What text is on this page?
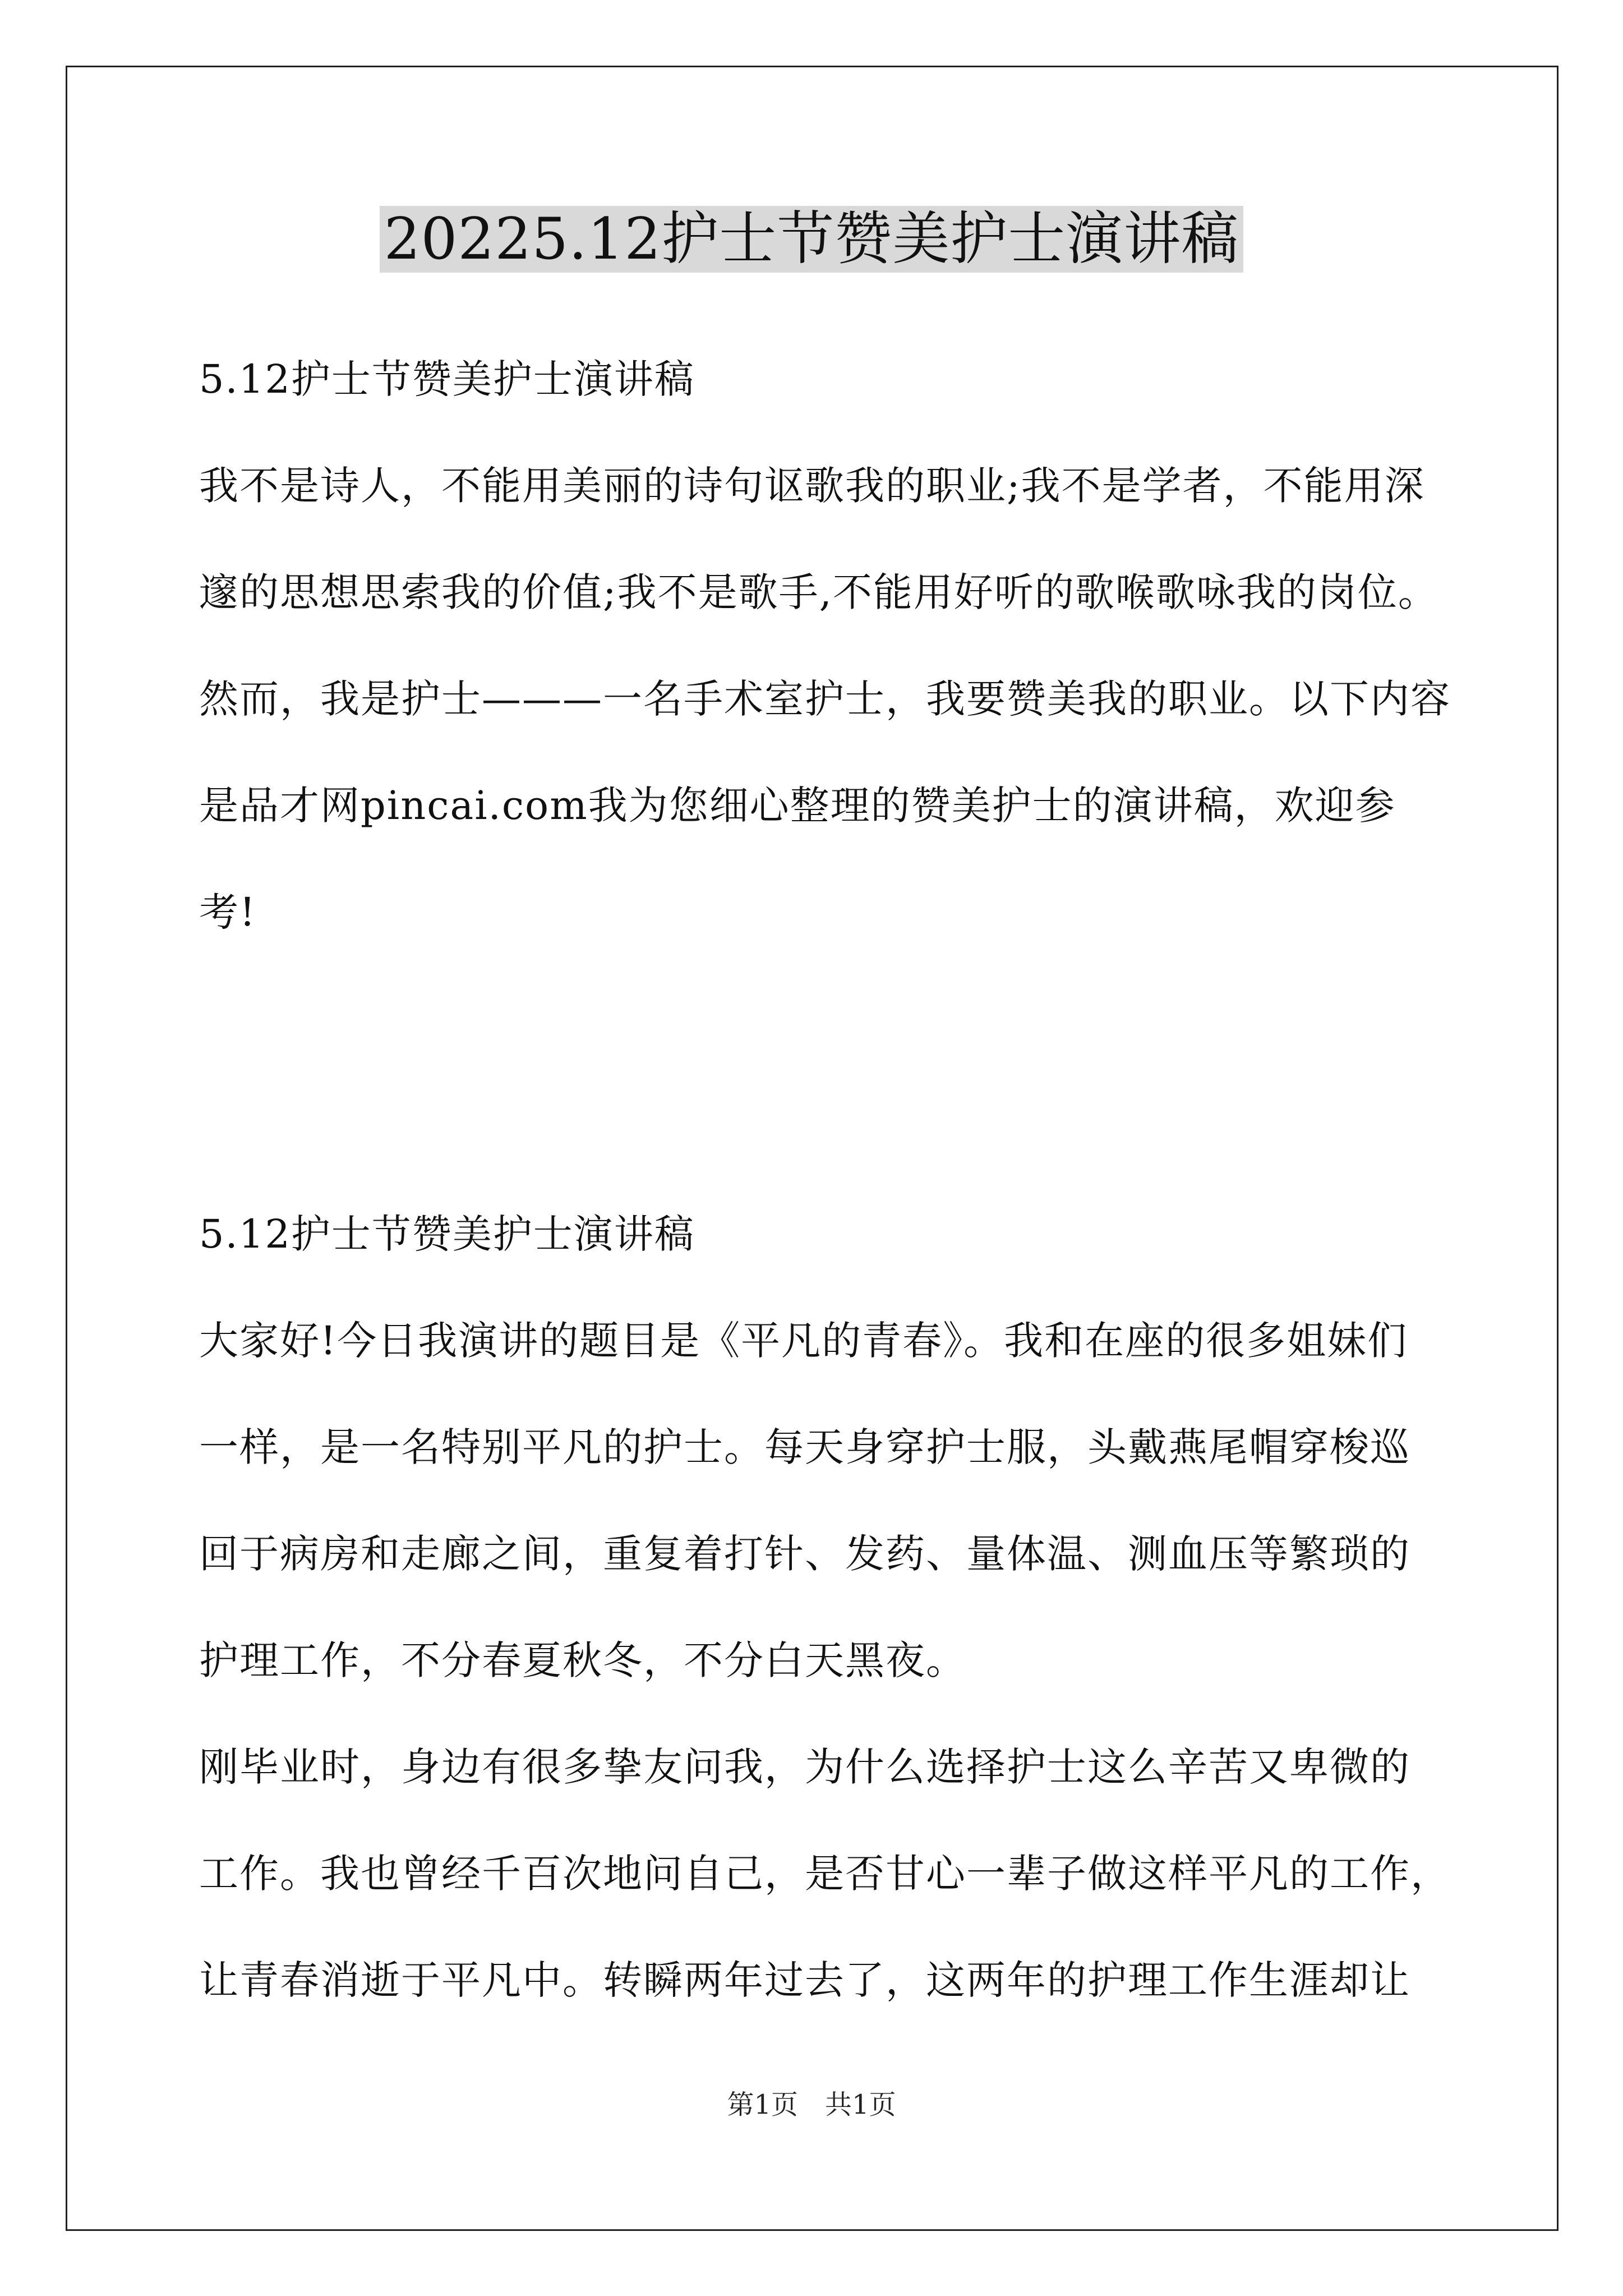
20225.12护士节赞美护士演讲稿
5.12护士节赞美护士演讲稿
我不是诗人，不能用美丽的诗句讴歌我的职业;我不是学者，不能用深
邃的思想思索我的价值;我不是歌手,不能用好听的歌喉歌咏我的岗位。
然而，我是护士———一名手术室护士，我要赞美我的职业。以下内容
是品才网pincai.com我为您细心整理的赞美护士的演讲稿，欢迎参
考!
5.12护士节赞美护士演讲稿
大家好!今日我演讲的题目是《平凡的青春》。我和在座的很多姐妹们
一样，是一名特别平凡的护士。每天身穿护士服，头戴燕尾帽穿梭巡
回于病房和走廊之间，重复着打针、发药、量体温、测血压等繁琐的
护理工作，不分春夏秋冬，不分白天黑夜。
刚毕业时，身边有很多挚友问我，为什么选择护士这么辛苦又卑微的
工作。我也曾经千百次地问自己，是否甘心一辈子做这样平凡的工作，
让青春消逝于平凡中。转瞬两年过去了，这两年的护理工作生涯却让
第1页　共1页
